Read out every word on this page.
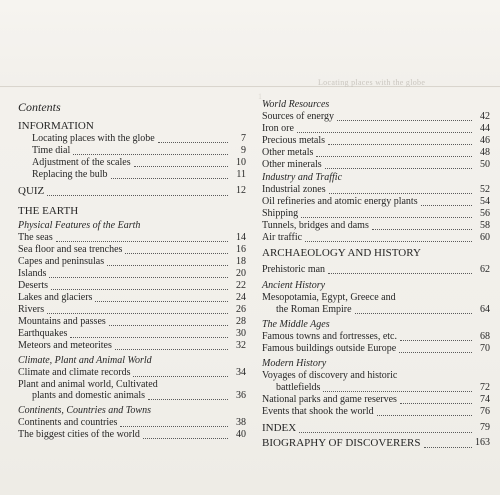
Locating places with the globe
1
Contents
INFORMATION
Locating places with the globe	7
Time dial	9
Adjustment of the scales	10
Replacing the bulb	11
QUIZ	12
THE EARTH
Physical Features of the Earth
The seas	14
Sea floor and sea trenches	16
Capes and peninsulas	18
Islands	20
Deserts	22
Lakes and glaciers	24
Rivers	26
Mountains and passes	28
Earthquakes	30
Meteors and meteorites	32
Climate, Plant and Animal World
Climate and climate records	34
Plant and animal world, Cultivated
plants and domestic animals	36
Continents, Countries and Towns
Continents and countries	38
The biggest cities of the world	40
World Resources
Sources of energy	42
Iron ore	44
Precious metals	46
Other metals	48
Other minerals	50
Industry and Traffic
Industrial zones	52
Oil refineries and atomic energy plants	54
Shipping	56
Tunnels, bridges and dams	58
Air traffic	60
ARCHAEOLOGY AND HISTORY
Prehistoric man	62
Ancient History
Mesopotamia, Egypt, Greece and
the Roman Empire	64
The Middle Ages
Famous towns and fortresses, etc.	68
Famous buildings outside Europe	70
Modern History
Voyages of discovery and historic
battlefields	72
National parks and game reserves	74
Events that shook the world	76
INDEX	79
BIOGRAPHY OF DISCOVERERS	163
